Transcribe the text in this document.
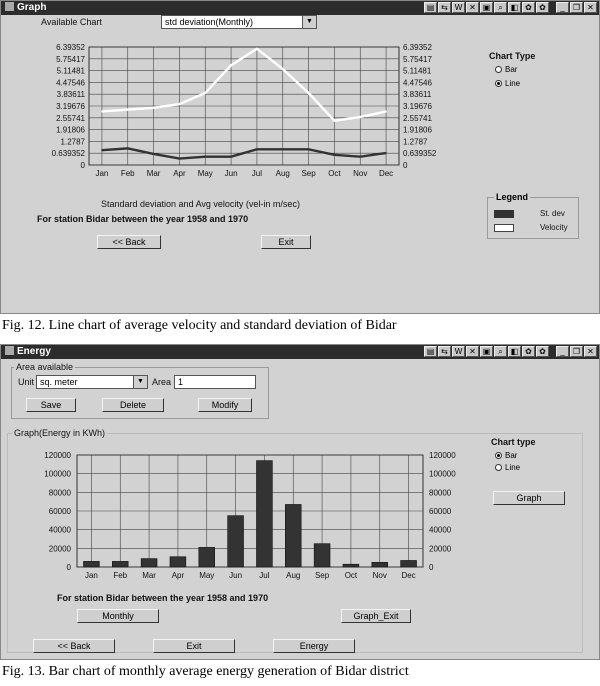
Graph	▤ ⇆ W ✕ ▣ ⌕ ◧ ✿ ✿	_	❐ ✕
Available Chart	std deviation(Monthly)	▼
6.39352	6.39352
5.75417	5.75417
5.11481	5.11481
4.47546	4.47546
3.83611	3.83611
3.19676	3.19676
2.55741	2.55741
1.91806	1.91806
1.2787	1.2787
0.639352	0.639352
0	0
Jan Feb Mar Apr May Jun Jul Aug Sep Oct Nov Dec
Chart Type
Bar
Line
Standard deviation and Avg velocity (vel-in m/sec)
For station Bidar between the year 1958 and 1970
Legend
St. dev
Velocity
<< Back	Exit
Fig. 12. Line chart of average velocity and standard deviation of Bidar
Energy	▤ ⇆ W ✕ ▣ ⌕ ◧ ✿ ✿	_	❐ ✕
Area available
Unit sq. meter	▼ Area 1
Save	Delete	Modify
Graph(Energy in KWh)
120000	120000
100000	100000
80000	80000
60000	60000
40000	40000
20000	20000
0	0
Jan Feb Mar Apr May Jun Jul Aug Sep Oct Nov Dec
Chart type
Bar
Line
Graph
For station Bidar between the year 1958 and 1970
Monthly	Graph_Exit
<< Back	Exit	Energy
Fig. 13. Bar chart of monthly average energy generation of Bidar district
